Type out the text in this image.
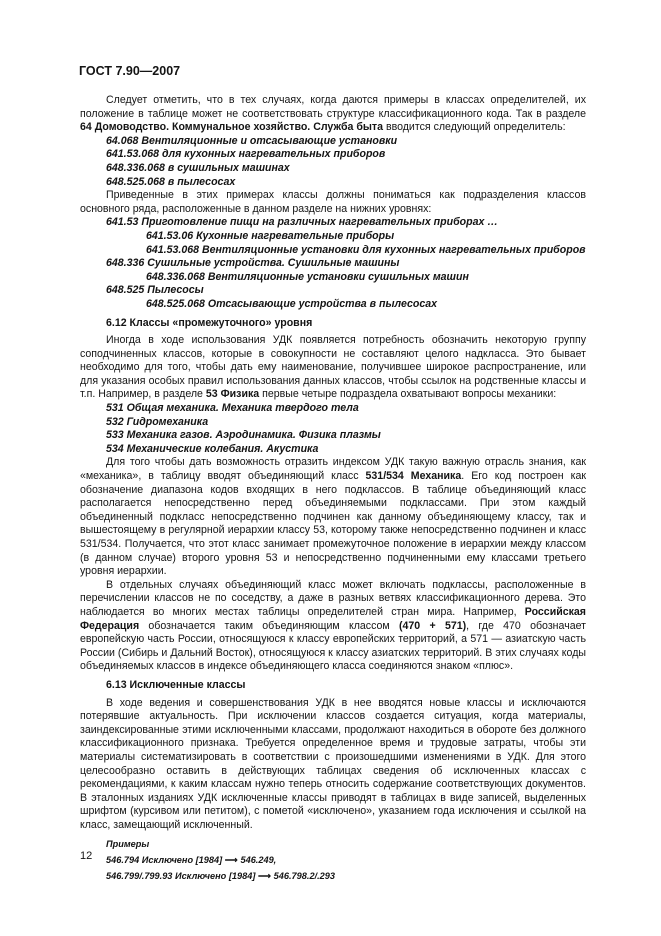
ГОСТ 7.90—2007

Следует отметить, что в тех случаях, когда даются примеры в классах определителей, их положение в таблице может не соответствовать структуре классификационного кода. Так в разделе 64 Домоводство. Коммунальное хозяйство. Служба быта вводится следующий определитель:

64.068 Вентиляционные и отсасывающие установки

641.53.068 для кухонных нагревательных приборов

648.336.068 в сушильных машинах

648.525.068 в пылесосах

Приведенные в этих примерах классы должны пониматься как подразделения классов основного ряда, расположенные в данном разделе на нижних уровнях:

641.53 Приготовление пищи на различных нагревательных приборах …

641.53.06 Кухонные нагревательные приборы

641.53.068 Вентиляционные установки для кухонных нагревательных приборов

648.336 Сушильные устройства. Сушильные машины

648.336.068 Вентиляционные установки сушильных машин

648.525 Пылесосы

648.525.068 Отсасывающие устройства в пылесосах

6.12 Классы «промежуточного» уровня

Иногда в ходе использования УДК появляется потребность обозначить некоторую группу соподчиненных классов, которые в совокупности не составляют целого надкласса. Это бывает необходимо для того, чтобы дать ему наименование, получившее широкое распространение, или для указания особых правил использования данных классов, чтобы ссылок на родственные классы и т.п. Например, в разделе 53 Физика первые четыре подраздела охватывают вопросы механики:

531 Общая механика. Механика твердого тела

532 Гидромеханика

533 Механика газов. Аэродинамика. Физика плазмы

534 Механические колебания. Акустика

Для того чтобы дать возможность отразить индексом УДК такую важную отрасль знания, как «механика», в таблицу вводят объединяющий класс 531/534 Механика. Его код построен как обозначение диапазона кодов входящих в него подклассов. В таблице объединяющий класс располагается непосредственно перед объединяемыми подклассами. При этом каждый объединенный подкласс непосредственно подчинен как данному объединяющему классу, так и вышестоящему в регулярной иерархии классу 53, которому также непосредственно подчинен и класс 531/534. Получается, что этот класс занимает промежуточное положение в иерархии между классом (в данном случае) второго уровня 53 и непосредственно подчиненными ему классами третьего уровня иерархии.

В отдельных случаях объединяющий класс может включать подклассы, расположенные в перечислении классов не по соседству, а даже в разных ветвях классификационного дерева. Это наблюдается во многих местах таблицы определителей стран мира. Например, Российская Федерация обозначается таким объединяющим классом (470 + 571), где 470 обозначает европейскую часть России, относящуюся к классу европейских территорий, а 571 — азиатскую часть России (Сибирь и Дальний Восток), относящуюся к классу азиатских территорий. В этих случаях коды объединяемых классов в индексе объединяющего класса соединяются знаком «плюс».

6.13 Исключенные классы

В ходе ведения и совершенствования УДК в нее вводятся новые классы и исключаются потерявшие актуальность. При исключении классов создается ситуация, когда материалы, заиндексированные этими исключенными классами, продолжают находиться в обороте без должного классификационного признака. Требуется определенное время и трудовые затраты, чтобы эти материалы систематизировать в соответствии с произошедшими изменениями в УДК. Для этого целесообразно оставить в действующих таблицах сведения об исключенных классах с рекомендациями, к каким классам нужно теперь относить содержание соответствующих документов. В эталонных изданиях УДК исключенные классы приводят в таблицах в виде записей, выделенных шрифтом (курсивом или петитом), с пометой «исключено», указанием года исключения и ссылкой на класс, замещающий исключенный.

Примеры
546.794 Исключено [1984] ⟶ 546.249,
546.799/.799.93 Исключено [1984] ⟶ 546.798.2/.293
12
